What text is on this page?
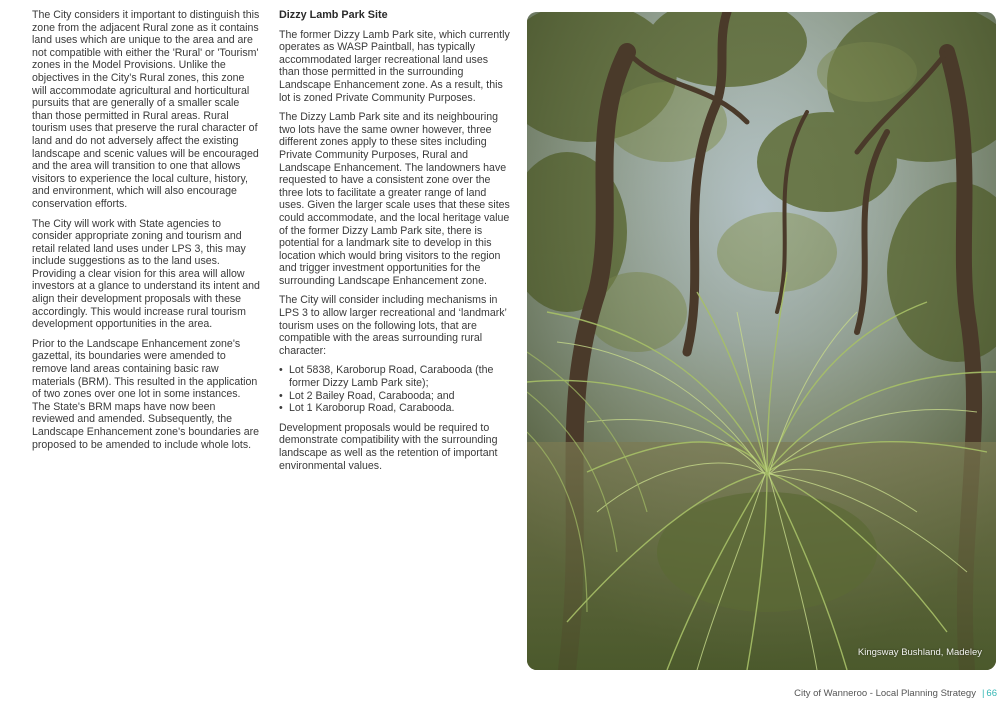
The City considers it important to distinguish this zone from the adjacent Rural zone as it contains land uses which are unique to the area and are not compatible with either the 'Rural' or 'Tourism' zones in the Model Provisions. Unlike the objectives in the City’s Rural zones, this zone will accommodate agricultural and horticultural pursuits that are generally of a smaller scale than those permitted in Rural areas. Rural tourism uses that preserve the rural character of land and do not adversely affect the existing landscape and scenic values will be encouraged and the area will transition to one that allows visitors to experience the local culture, history, and environment, which will also encourage conservation efforts.

The City will work with State agencies to consider appropriate zoning and tourism and retail related land uses under LPS 3, this may include suggestions as to the land uses. Providing a clear vision for this area will allow investors at a glance to understand its intent and align their development proposals with these accordingly. This would increase rural tourism development opportunities in the area.

Prior to the Landscape Enhancement zone's gazettal, its boundaries were amended to remove land areas containing basic raw materials (BRM). This resulted in the application of two zones over one lot in some instances. The State's BRM maps have now been reviewed and amended. Subsequently, the Landscape Enhancement zone's boundaries are proposed to be amended to include whole lots.

Dizzy Lamb Park Site

The former Dizzy Lamb Park site, which currently operates as WASP Paintball, has typically accommodated larger recreational land uses than those permitted in the surrounding Landscape Enhancement zone. As a result, this lot is zoned Private Community Purposes.

The Dizzy Lamb Park site and its neighbouring two lots have the same owner however, three different zones apply to these sites including Private Community Purposes, Rural and Landscape Enhancement. The landowners have requested to have a consistent zone over the three lots to facilitate a greater range of land uses. Given the larger scale uses that these sites could accommodate, and the local heritage value of the former Dizzy Lamb Park site, there is potential for a landmark site to develop in this location which would bring visitors to the region and trigger investment opportunities for the surrounding Landscape Enhancement zone.

The City will consider including mechanisms in LPS 3 to allow larger recreational and ‘landmark’ tourism uses on the following lots, that are compatible with the areas surrounding rural character:

• Lot 5838, Karoborup Road, Carabooda (the former Dizzy Lamb Park site);
• Lot 2 Bailey Road, Carabooda; and
• Lot 1 Karoborup Road, Carabooda.

Development proposals would be required to demonstrate compatibility with the surrounding landscape as well as the retention of important environmental values.

Kingsway Bushland, Madeley
City of Wanneroo - Local Planning Strategy | 66
